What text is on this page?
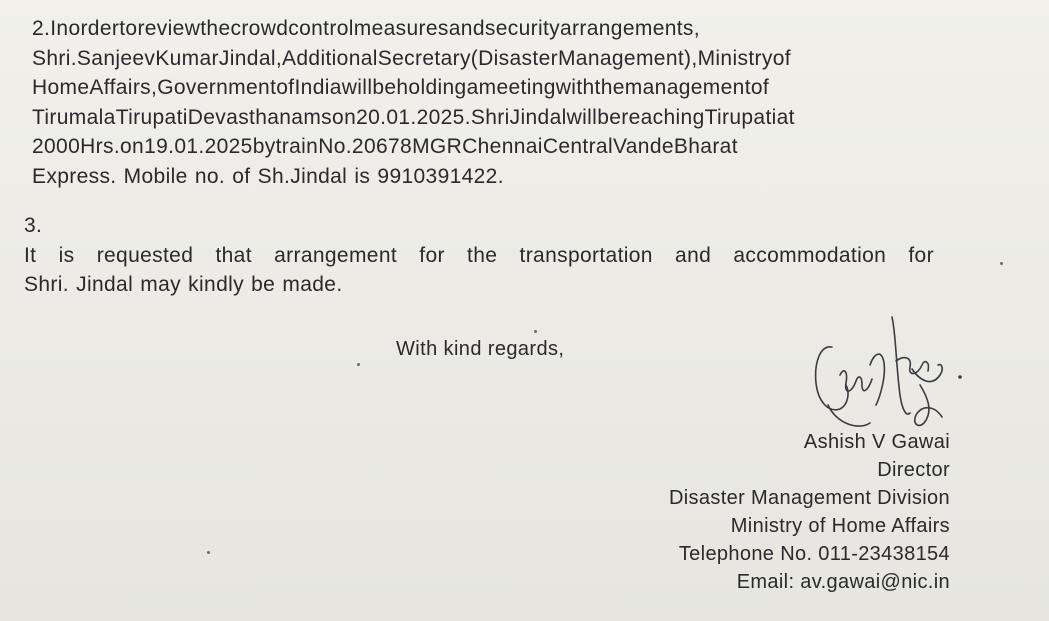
2.Inordertoreviewthecrowdcontrolmeasuresandsecurityarrangements,
Shri.SanjeevKumarJindal,AdditionalSecretary(DisasterManagement),Ministryof
HomeAffairs,GovernmentofIndiawillbeholdingameetingwiththemanagementof
TirumalaTirupatiDevasthanamson20.01.2025.ShriJindalwillbereachingTirupatiat
2000Hrs.on19.01.2025bytrainNo.20678MGRChennaiCentralVandeBharat
Express. Mobile no. of Sh.Jindal is 9910391422.
3.
It is requested that arrangement for the transportation and accommodation for
Shri. Jindal may kindly be made.
With kind regards,
Ashish V Gawai
Director
Disaster Management Division
Ministry of Home Affairs
Telephone No. 011-23438154
Email: av.gawai@nic.in
